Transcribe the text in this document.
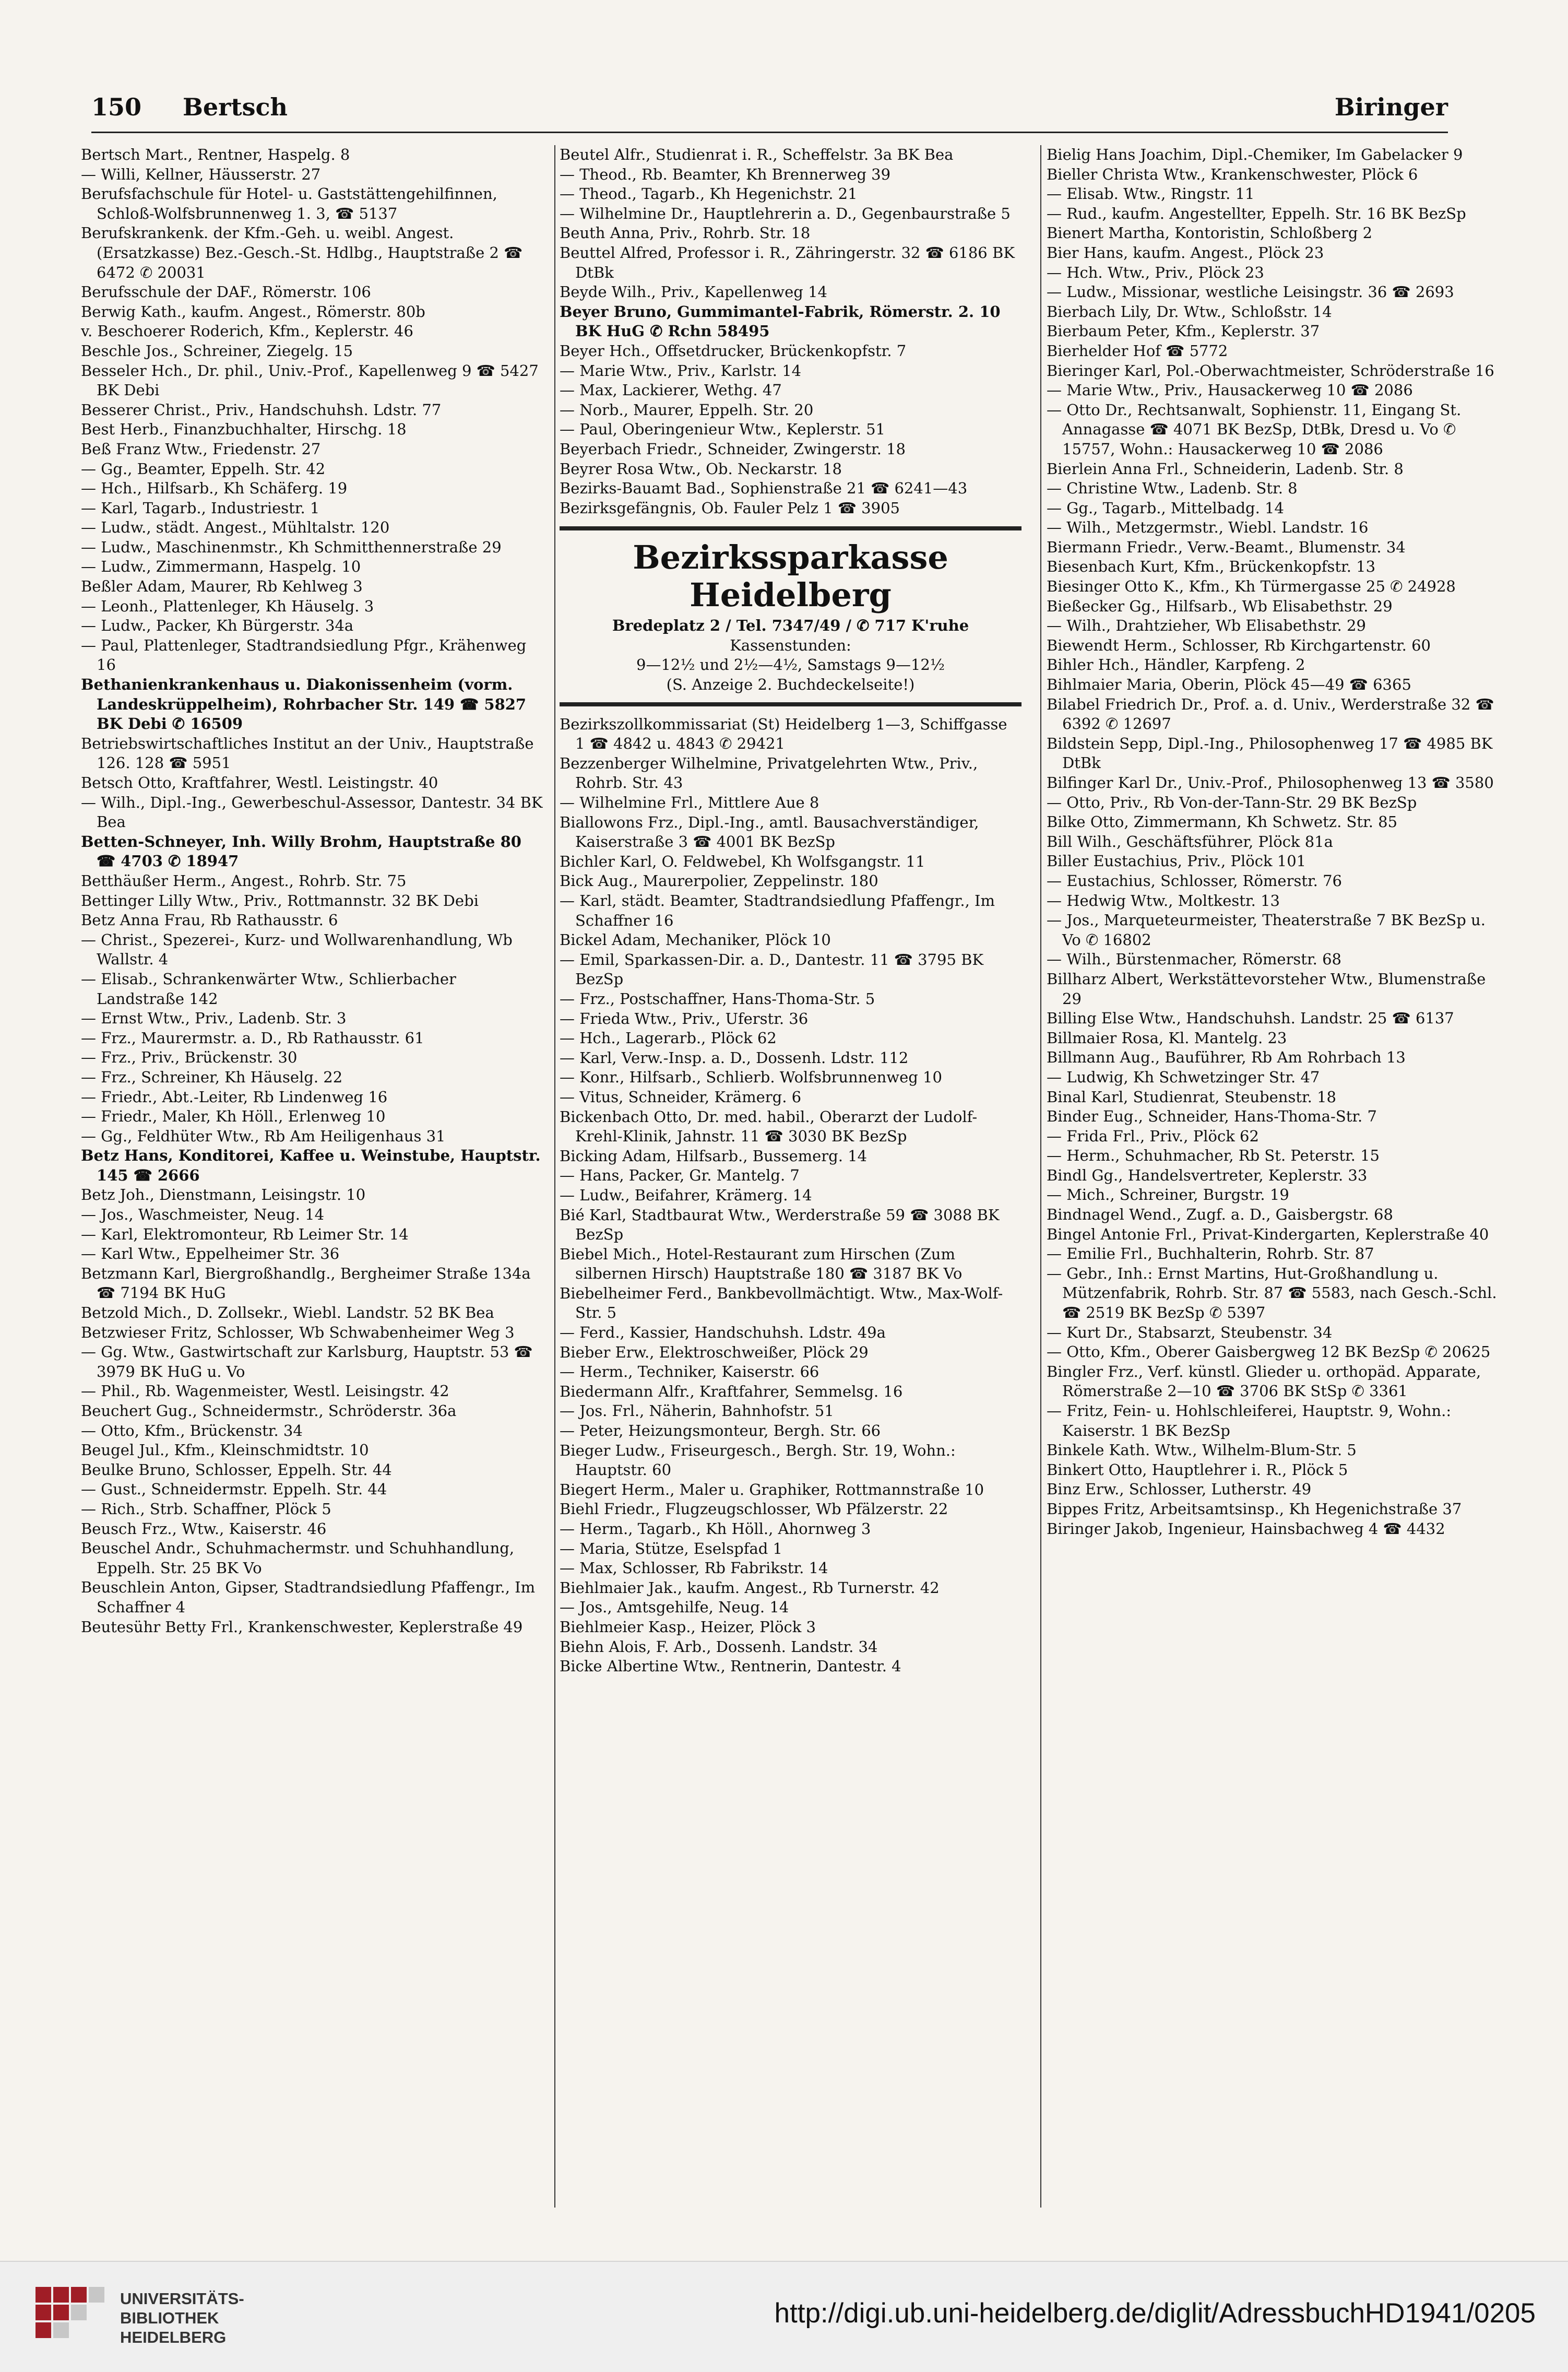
150 Bertsch	Biringer

Bertsch Mart., Rentner, Haspelg. 8

— Willi, Kellner, Häusserstr. 27

Berufsfachschule für Hotel- u. Gaststättengehilfinnen, Schloß-Wolfsbrunnenweg 1. 3, ☎ 5137

Berufskrankenk. der Kfm.-Geh. u. weibl. Angest. (Ersatzkasse) Bez.-Gesch.-St. Hdlbg., Hauptstraße 2 ☎ 6472 ✆ 20031

Berufsschule der DAF., Römerstr. 106

Berwig Kath., kaufm. Angest., Römerstr. 80b

v. Beschoerer Roderich, Kfm., Keplerstr. 46

Beschle Jos., Schreiner, Ziegelg. 15

Besseler Hch., Dr. phil., Univ.-Prof., Kapellenweg 9 ☎ 5427 BK Debi

Besserer Christ., Priv., Handschuhsh. Ldstr. 77

Best Herb., Finanzbuchhalter, Hirschg. 18

Beß Franz Wtw., Friedenstr. 27

— Gg., Beamter, Eppelh. Str. 42

— Hch., Hilfsarb., Kh Schäferg. 19

— Karl, Tagarb., Industriestr. 1

— Ludw., städt. Angest., Mühltalstr. 120

— Ludw., Maschinenmstr., Kh Schmitthennerstraße 29

— Ludw., Zimmermann, Haspelg. 10

Beßler Adam, Maurer, Rb Kehlweg 3

— Leonh., Plattenleger, Kh Häuselg. 3

— Ludw., Packer, Kh Bürgerstr. 34a

— Paul, Plattenleger, Stadtrandsiedlung Pfgr., Krähenweg 16

Bethanienkrankenhaus u. Diakonissenheim (vorm. Landeskrüppelheim), Rohrbacher Str. 149 ☎ 5827 BK Debi ✆ 16509

Betriebswirtschaftliches Institut an der Univ., Hauptstraße 126. 128 ☎ 5951

Betsch Otto, Kraftfahrer, Westl. Leistingstr. 40

— Wilh., Dipl.-Ing., Gewerbeschul-Assessor, Dantestr. 34 BK Bea

Betten-Schneyer, Inh. Willy Brohm, Hauptstraße 80 ☎ 4703 ✆ 18947

Betthäußer Herm., Angest., Rohrb. Str. 75

Bettinger Lilly Wtw., Priv., Rottmannstr. 32 BK Debi

Betz Anna Frau, Rb Rathausstr. 6

— Christ., Spezerei-, Kurz- und Wollwarenhandlung, Wb Wallstr. 4

— Elisab., Schrankenwärter Wtw., Schlierbacher Landstraße 142

— Ernst Wtw., Priv., Ladenb. Str. 3

— Frz., Maurermstr. a. D., Rb Rathausstr. 61

— Frz., Priv., Brückenstr. 30

— Frz., Schreiner, Kh Häuselg. 22

— Friedr., Abt.-Leiter, Rb Lindenweg 16

— Friedr., Maler, Kh Höll., Erlenweg 10

— Gg., Feldhüter Wtw., Rb Am Heiligenhaus 31

Betz Hans, Konditorei, Kaffee u. Weinstube, Hauptstr. 145 ☎ 2666

Betz Joh., Dienstmann, Leisingstr. 10

— Jos., Waschmeister, Neug. 14

— Karl, Elektromonteur, Rb Leimer Str. 14

— Karl Wtw., Eppelheimer Str. 36

Betzmann Karl, Biergroßhandlg., Bergheimer Straße 134a ☎ 7194 BK HuG

Betzold Mich., D. Zollsekr., Wiebl. Landstr. 52 BK Bea

Betzwieser Fritz, Schlosser, Wb Schwabenheimer Weg 3

— Gg. Wtw., Gastwirtschaft zur Karlsburg, Hauptstr. 53 ☎ 3979 BK HuG u. Vo

— Phil., Rb. Wagenmeister, Westl. Leisingstr. 42

Beuchert Gug., Schneidermstr., Schröderstr. 36a

— Otto, Kfm., Brückenstr. 34

Beugel Jul., Kfm., Kleinschmidtstr. 10

Beulke Bruno, Schlosser, Eppelh. Str. 44

— Gust., Schneidermstr. Eppelh. Str. 44

— Rich., Strb. Schaffner, Plöck 5

Beusch Frz., Wtw., Kaiserstr. 46

Beuschel Andr., Schuhmachermstr. und Schuhhandlung, Eppelh. Str. 25 BK Vo

Beuschlein Anton, Gipser, Stadtrandsiedlung Pfaffengr., Im Schaffner 4

Beutesühr Betty Frl., Krankenschwester, Keplerstraße 49

Beutel Alfr., Studienrat i. R., Scheffelstr. 3a BK Bea

— Theod., Rb. Beamter, Kh Brennerweg 39

— Theod., Tagarb., Kh Hegenichstr. 21

— Wilhelmine Dr., Hauptlehrerin a. D., Gegenbaurstraße 5

Beuth Anna, Priv., Rohrb. Str. 18

Beuttel Alfred, Professor i. R., Zähringerstr. 32 ☎ 6186 BK DtBk

Beyde Wilh., Priv., Kapellenweg 14

Beyer Bruno, Gummimantel-Fabrik, Römerstr. 2. 10 BK HuG ✆ Rchn 58495

Beyer Hch., Offsetdrucker, Brückenkopfstr. 7

— Marie Wtw., Priv., Karlstr. 14

— Max, Lackierer, Wethg. 47

— Norb., Maurer, Eppelh. Str. 20

— Paul, Oberingenieur Wtw., Keplerstr. 51

Beyerbach Friedr., Schneider, Zwingerstr. 18

Beyrer Rosa Wtw., Ob. Neckarstr. 18

Bezirks-Bauamt Bad., Sophienstraße 21 ☎ 6241—43

Bezirksgefängnis, Ob. Fauler Pelz 1 ☎ 3905

Bezirkssparkasse Heidelberg

Bredeplatz 2 / Tel. 7347/49 / ✆ 717 K'ruhe

Kassenstunden:

9—12½ und 2½—4½, Samstags 9—12½

(S. Anzeige 2. Buchdeckelseite!)

Bezirkszollkommissariat (St) Heidelberg 1—3, Schiffgasse 1 ☎ 4842 u. 4843 ✆ 29421

Bezzenberger Wilhelmine, Privatgelehrten Wtw., Priv., Rohrb. Str. 43

— Wilhelmine Frl., Mittlere Aue 8

Biallowons Frz., Dipl.-Ing., amtl. Bausachverständiger, Kaiserstraße 3 ☎ 4001 BK BezSp

Bichler Karl, O. Feldwebel, Kh Wolfsgangstr. 11

Bick Aug., Maurerpolier, Zeppelinstr. 180

— Karl, städt. Beamter, Stadtrandsiedlung Pfaffengr., Im Schaffner 16

Bickel Adam, Mechaniker, Plöck 10

— Emil, Sparkassen-Dir. a. D., Dantestr. 11 ☎ 3795 BK BezSp

— Frz., Postschaffner, Hans-Thoma-Str. 5

— Frieda Wtw., Priv., Uferstr. 36

— Hch., Lagerarb., Plöck 62

— Karl, Verw.-Insp. a. D., Dossenh. Ldstr. 112

— Konr., Hilfsarb., Schlierb. Wolfsbrunnenweg 10

— Vitus, Schneider, Krämerg. 6

Bickenbach Otto, Dr. med. habil., Oberarzt der Ludolf-Krehl-Klinik, Jahnstr. 11 ☎ 3030 BK BezSp

Bicking Adam, Hilfsarb., Bussemerg. 14

— Hans, Packer, Gr. Mantelg. 7

— Ludw., Beifahrer, Krämerg. 14

Bié Karl, Stadtbaurat Wtw., Werderstraße 59 ☎ 3088 BK BezSp

Biebel Mich., Hotel-Restaurant zum Hirschen (Zum silbernen Hirsch) Hauptstraße 180 ☎ 3187 BK Vo

Biebelheimer Ferd., Bankbevollmächtigt. Wtw., Max-Wolf-Str. 5

— Ferd., Kassier, Handschuhsh. Ldstr. 49a

Bieber Erw., Elektroschweißer, Plöck 29

— Herm., Techniker, Kaiserstr. 66

Biedermann Alfr., Kraftfahrer, Semmelsg. 16

— Jos. Frl., Näherin, Bahnhofstr. 51

— Peter, Heizungsmonteur, Bergh. Str. 66

Bieger Ludw., Friseurgesch., Bergh. Str. 19, Wohn.: Hauptstr. 60

Biegert Herm., Maler u. Graphiker, Rottmannstraße 10

Biehl Friedr., Flugzeugschlosser, Wb Pfälzerstr. 22

— Herm., Tagarb., Kh Höll., Ahornweg 3

— Maria, Stütze, Eselspfad 1

— Max, Schlosser, Rb Fabrikstr. 14

Biehlmaier Jak., kaufm. Angest., Rb Turnerstr. 42

— Jos., Amtsgehilfe, Neug. 14

Biehlmeier Kasp., Heizer, Plöck 3

Biehn Alois, F. Arb., Dossenh. Landstr. 34

Bicke Albertine Wtw., Rentnerin, Dantestr. 4

Bielig Hans Joachim, Dipl.-Chemiker, Im Gabelacker 9

Bieller Christa Wtw., Krankenschwester, Plöck 6

— Elisab. Wtw., Ringstr. 11

— Rud., kaufm. Angestellter, Eppelh. Str. 16 BK BezSp

Bienert Martha, Kontoristin, Schloßberg 2

Bier Hans, kaufm. Angest., Plöck 23

— Hch. Wtw., Priv., Plöck 23

— Ludw., Missionar, westliche Leisingstr. 36 ☎ 2693

Bierbach Lily, Dr. Wtw., Schloßstr. 14

Bierbaum Peter, Kfm., Keplerstr. 37

Bierhelder Hof ☎ 5772

Bieringer Karl, Pol.-Oberwachtmeister, Schröderstraße 16

— Marie Wtw., Priv., Hausackerweg 10 ☎ 2086

— Otto Dr., Rechtsanwalt, Sophienstr. 11, Eingang St. Annagasse ☎ 4071 BK BezSp, DtBk, Dresd u. Vo ✆ 15757, Wohn.: Hausackerweg 10 ☎ 2086

Bierlein Anna Frl., Schneiderin, Ladenb. Str. 8

— Christine Wtw., Ladenb. Str. 8

— Gg., Tagarb., Mittelbadg. 14

— Wilh., Metzgermstr., Wiebl. Landstr. 16

Biermann Friedr., Verw.-Beamt., Blumenstr. 34

Biesenbach Kurt, Kfm., Brückenkopfstr. 13

Biesinger Otto K., Kfm., Kh Türmergasse 25 ✆ 24928

Bießecker Gg., Hilfsarb., Wb Elisabethstr. 29

— Wilh., Drahtzieher, Wb Elisabethstr. 29

Biewendt Herm., Schlosser, Rb Kirchgartenstr. 60

Bihler Hch., Händler, Karpfeng. 2

Bihlmaier Maria, Oberin, Plöck 45—49 ☎ 6365

Bilabel Friedrich Dr., Prof. a. d. Univ., Werderstraße 32 ☎ 6392 ✆ 12697

Bildstein Sepp, Dipl.-Ing., Philosophenweg 17 ☎ 4985 BK DtBk

Bilfinger Karl Dr., Univ.-Prof., Philosophenweg 13 ☎ 3580

— Otto, Priv., Rb Von-der-Tann-Str. 29 BK BezSp

Bilke Otto, Zimmermann, Kh Schwetz. Str. 85

Bill Wilh., Geschäftsführer, Plöck 81a

Biller Eustachius, Priv., Plöck 101

— Eustachius, Schlosser, Römerstr. 76

— Hedwig Wtw., Moltkestr. 13

— Jos., Marqueteurmeister, Theaterstraße 7 BK BezSp u. Vo ✆ 16802

— Wilh., Bürstenmacher, Römerstr. 68

Billharz Albert, Werkstättevorsteher Wtw., Blumenstraße 29

Billing Else Wtw., Handschuhsh. Landstr. 25 ☎ 6137

Billmaier Rosa, Kl. Mantelg. 23

Billmann Aug., Bauführer, Rb Am Rohrbach 13

— Ludwig, Kh Schwetzinger Str. 47

Binal Karl, Studienrat, Steubenstr. 18

Binder Eug., Schneider, Hans-Thoma-Str. 7

— Frida Frl., Priv., Plöck 62

— Herm., Schuhmacher, Rb St. Peterstr. 15

Bindl Gg., Handelsvertreter, Keplerstr. 33

— Mich., Schreiner, Burgstr. 19

Bindnagel Wend., Zugf. a. D., Gaisbergstr. 68

Bingel Antonie Frl., Privat-Kindergarten, Keplerstraße 40

— Emilie Frl., Buchhalterin, Rohrb. Str. 87

— Gebr., Inh.: Ernst Martins, Hut-Großhandlung u. Mützenfabrik, Rohrb. Str. 87 ☎ 5583, nach Gesch.-Schl. ☎ 2519 BK BezSp ✆ 5397

— Kurt Dr., Stabsarzt, Steubenstr. 34

— Otto, Kfm., Oberer Gaisbergweg 12 BK BezSp ✆ 20625

Bingler Frz., Verf. künstl. Glieder u. orthopäd. Apparate, Römerstraße 2—10 ☎ 3706 BK StSp ✆ 3361

— Fritz, Fein- u. Hohlschleiferei, Hauptstr. 9, Wohn.: Kaiserstr. 1 BK BezSp

Binkele Kath. Wtw., Wilhelm-Blum-Str. 5

Binkert Otto, Hauptlehrer i. R., Plöck 5

Binz Erw., Schlosser, Lutherstr. 49

Bippes Fritz, Arbeitsamtsinsp., Kh Hegenichstraße 37

Biringer Jakob, Ingenieur, Hainsbachweg 4 ☎ 4432

UNIVERSITÄTS-
BIBLIOTHEK
HEIDELBERG
http://digi.ub.uni-heidelberg.de/diglit/AdressbuchHD1941/0205
